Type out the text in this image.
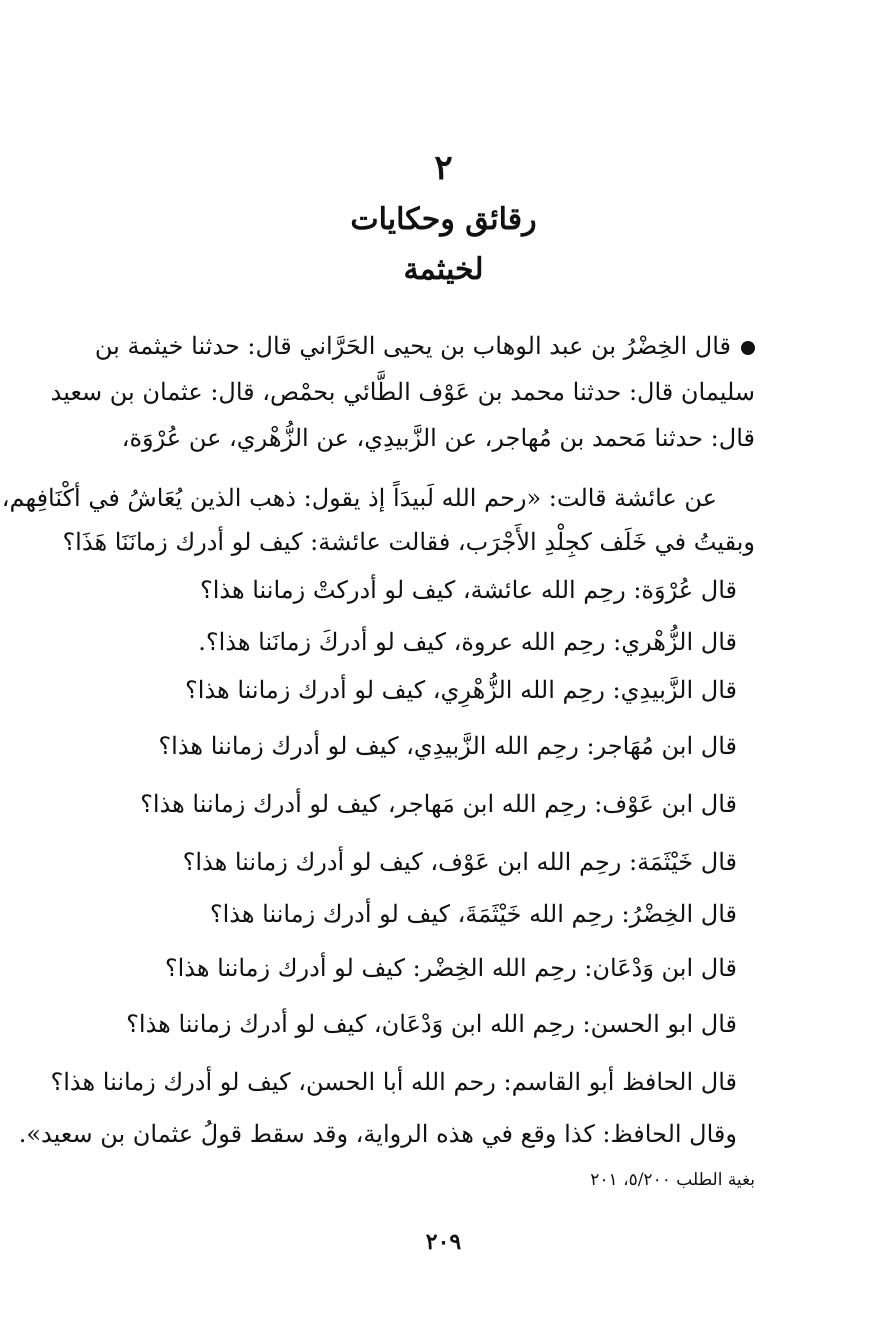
٢
رقائق وحكايات
لخيثمة
قال الخِضْرُ بن عبد الوهاب بن يحيى الحَرَّاني قال: حدثنا خيثمة بن
سليمان قال: حدثنا محمد بن عَوْف الطَّائي بحمْص، قال: عثمان بن سعيد
قال: حدثنا مَحمد بن مُهاجر، عن الزَّبيدِي، عن الزُّهْري، عن عُرْوَة،
عن عائشة قالت: «رحم الله لَبيدَاً إذ يقول: ذهب الذين يُعَاشُ في أكْنَافِهم،
وبقيتُ في خَلَف كجِلْدِ الأَجْرَب، فقالت عائشة: كيف لو أدرك زمانَنَا هَذَا؟
قال عُرْوَة: رحِم الله عائشة، كيف لو أدركتْ زماننا هذا؟
قال الزُّهْري: رحِم الله عروة، كيف لو أدركَ زمانَنا هذا؟.
قال الزَّبيدِي: رحِم الله الزُّهْرِي، كيف لو أدرك زماننا هذا؟
قال ابن مُهَاجر: رحِم الله الزَّبيدِي، كيف لو أدرك زماننا هذا؟
قال ابن عَوْف: رحِم الله ابن مَهاجر، كيف لو أدرك زماننا هذا؟
قال خَيْثَمَة: رحِم الله ابن عَوْف، كيف لو أدرك زماننا هذا؟
قال الخِضْرُ: رحِم الله خَيْثَمَةَ، كيف لو أدرك زماننا هذا؟
قال ابن وَدْعَان: رحِم الله الخِضْر: كيف لو أدرك زماننا هذا؟
قال ابو الحسن: رحِم الله ابن وَدْعَان، كيف لو أدرك زماننا هذا؟
قال الحافظ أبو القاسم: رحم الله أبا الحسن، كيف لو أدرك زماننا هذا؟
وقال الحافظ: كذا وقع في هذه الرواية، وقد سقط قولُ عثمان بن سعيد».
بغية الطلب ٥/٢٠٠، ٢٠١
٢٠٩
